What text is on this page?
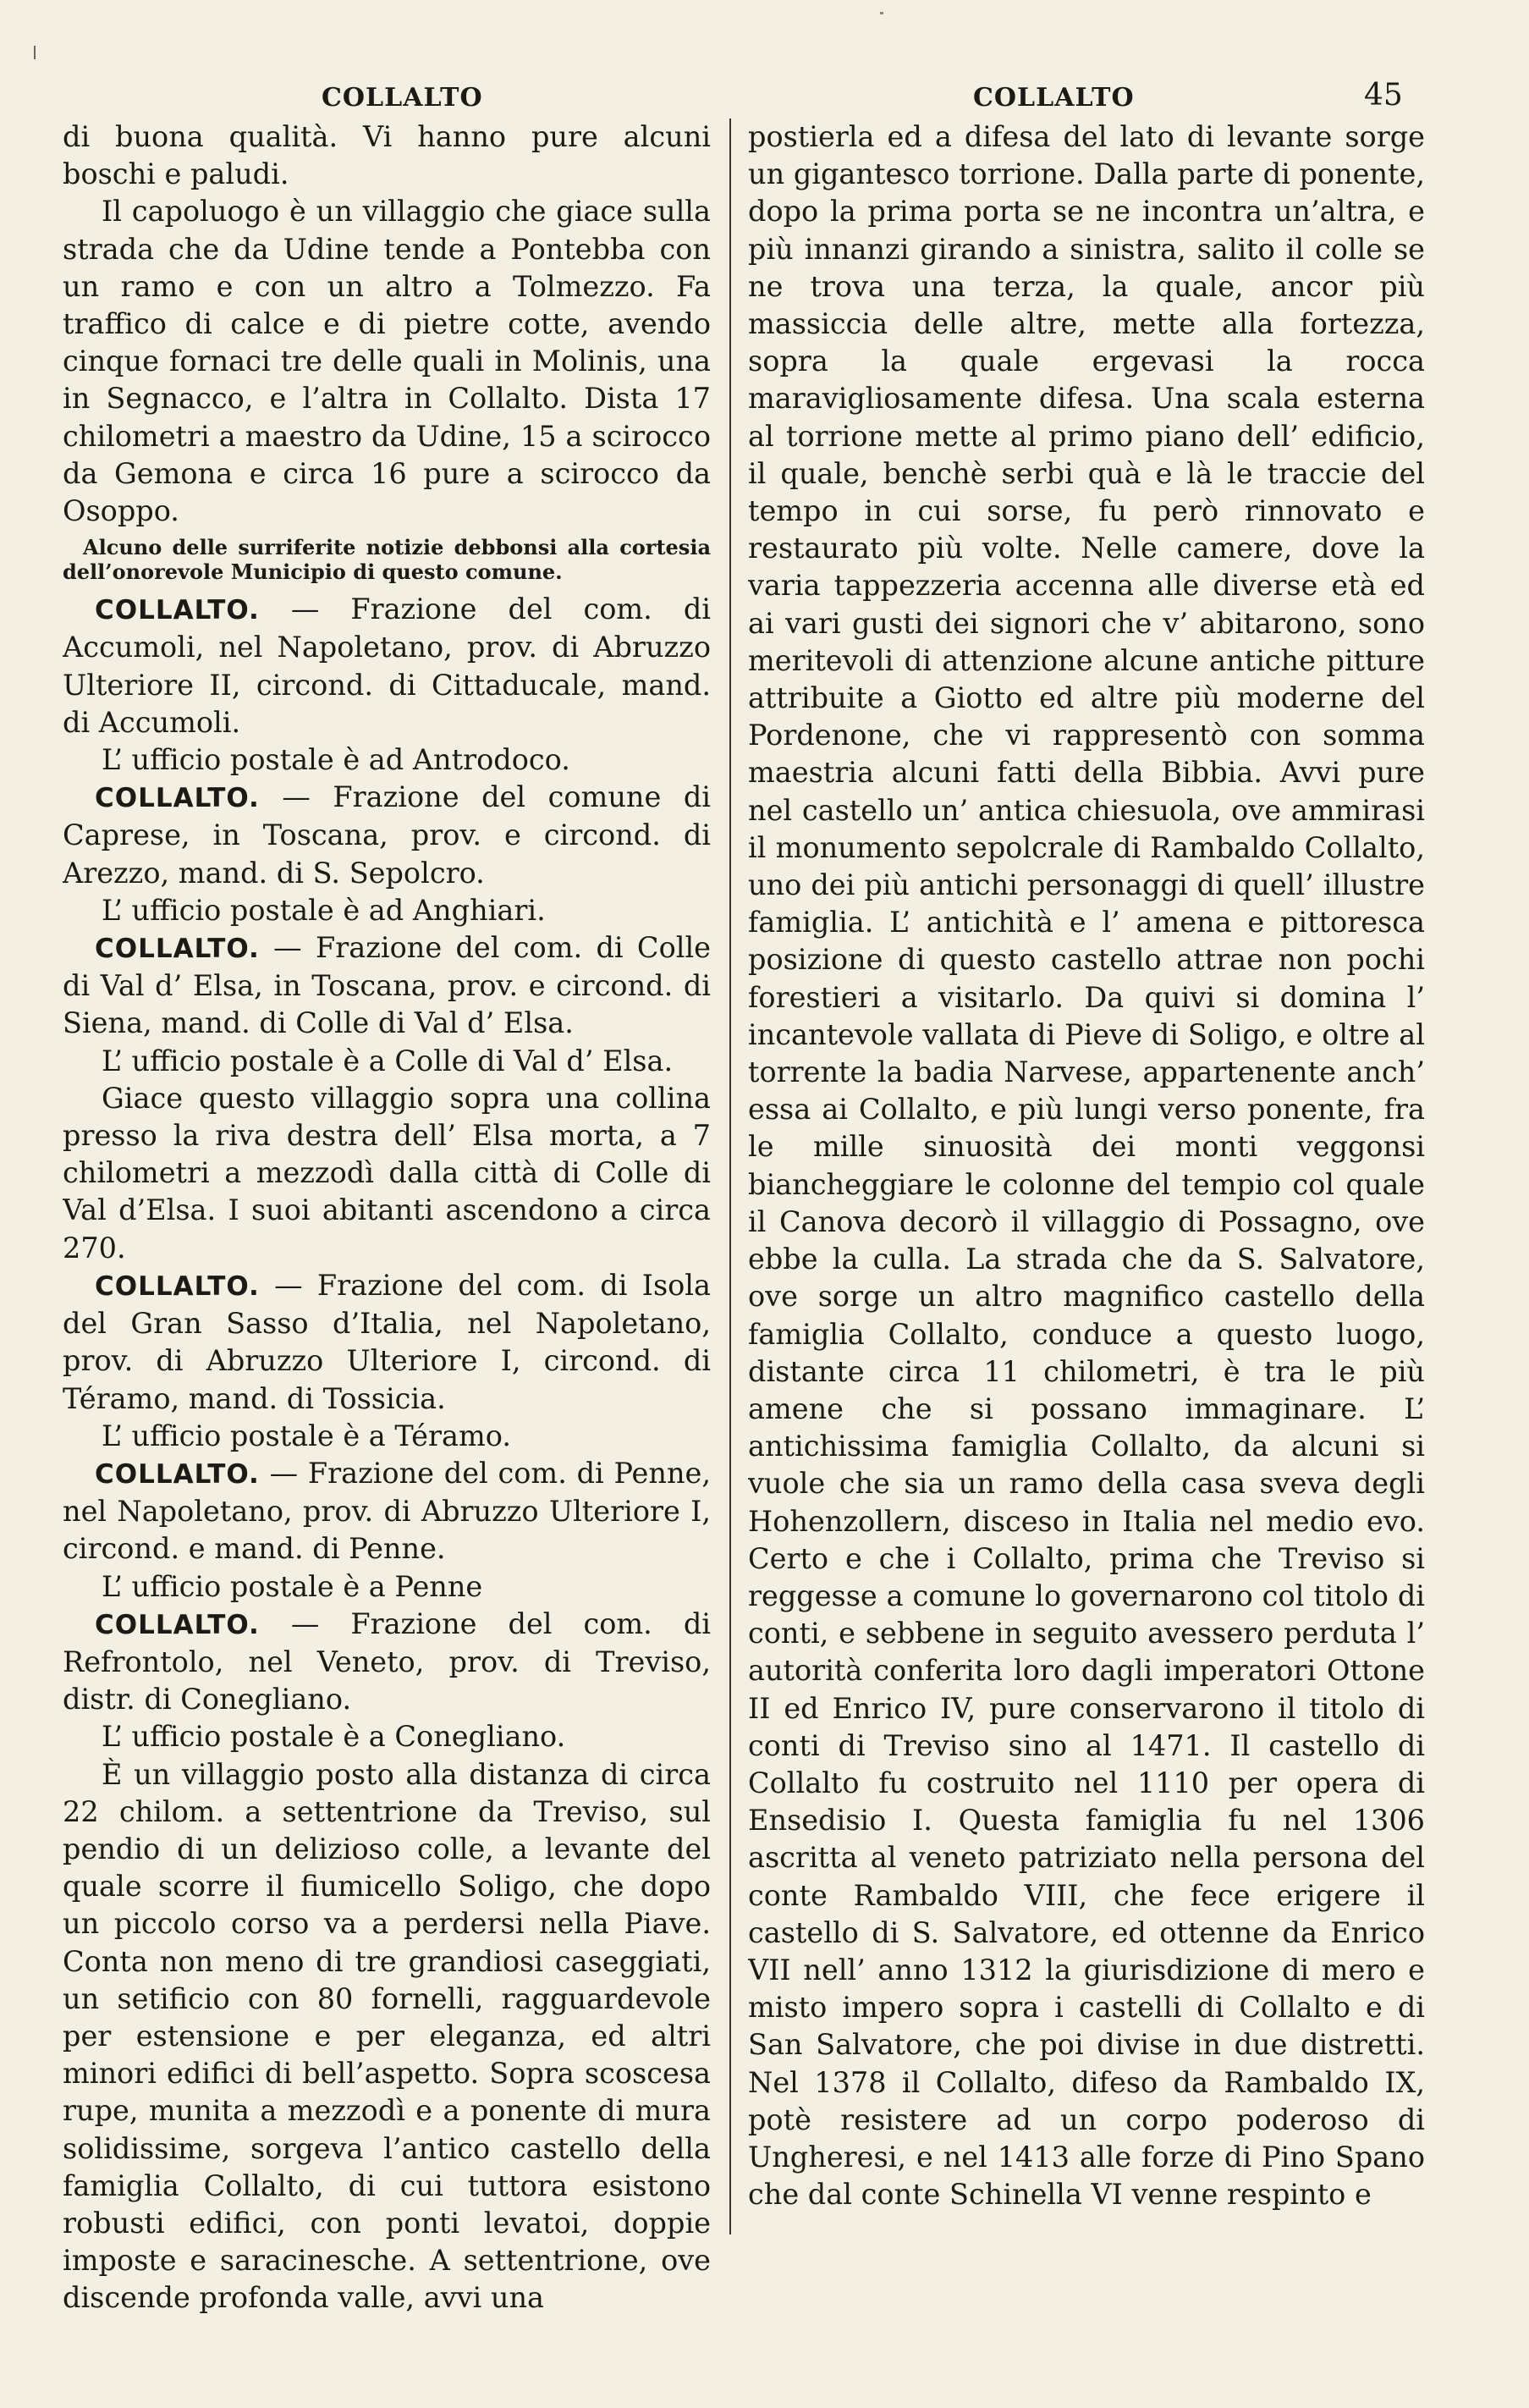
COLLALTO	COLLALTO	45

di buona qualità. Vi hanno pure alcuni boschi e paludi.

Il capoluogo è un villaggio che giace sulla strada che da Udine tende a Pontebba con un ramo e con un altro a Tolmezzo. Fa traffico di calce e di pietre cotte, avendo cinque fornaci tre delle quali in Molinis, una in Segnacco, e l’altra in Collalto. Dista 17 chilometri a maestro da Udine, 15 a scirocco da Gemona e circa 16 pure a scirocco da Osoppo.

Alcuno delle surriferite notizie debbonsi alla cortesia dell’onorevole Municipio di questo comune.

COLLALTO. — Frazione del com. di Accumoli, nel Napoletano, prov. di Abruzzo Ulteriore II, circond. di Cittaducale, mand. di Accumoli.

L’ ufficio postale è ad Antrodoco.

COLLALTO. — Frazione del comune di Caprese, in Toscana, prov. e circond. di Arezzo, mand. di S. Sepolcro.

L’ ufficio postale è ad Anghiari.

COLLALTO. — Frazione del com. di Colle di Val d’ Elsa, in Toscana, prov. e circond. di Siena, mand. di Colle di Val d’ Elsa.

L’ ufficio postale è a Colle di Val d’ Elsa.

Giace questo villaggio sopra una collina presso la riva destra dell’ Elsa morta, a 7 chilometri a mezzodì dalla città di Colle di Val d’Elsa. I suoi abitanti ascendono a circa 270.

COLLALTO. — Frazione del com. di Isola del Gran Sasso d’Italia, nel Napoletano, prov. di Abruzzo Ulteriore I, circond. di Téramo, mand. di Tossicia.

L’ ufficio postale è a Téramo.

COLLALTO. — Frazione del com. di Penne, nel Napoletano, prov. di Abruzzo Ulteriore I, circond. e mand. di Penne.

L’ ufficio postale è a Penne

COLLALTO. — Frazione del com. di Refrontolo, nel Veneto, prov. di Treviso, distr. di Conegliano.

L’ ufficio postale è a Conegliano.

È un villaggio posto alla distanza di circa 22 chilom. a settentrione da Treviso, sul pendio di un delizioso colle, a levante del quale scorre il fiumicello Soligo, che dopo un piccolo corso va a perdersi nella Piave. Conta non meno di tre grandiosi caseggiati, un setificio con 80 fornelli, ragguardevole per estensione e per eleganza, ed altri minori edifici di bell’aspetto. Sopra scoscesa rupe, munita a mezzodì e a ponente di mura solidissime, sorgeva l’antico castello della famiglia Collalto, di cui tuttora esistono robusti edifici, con ponti levatoi, doppie imposte e saracinesche. A settentrione, ove discende profonda valle, avvi una

postierla ed a difesa del lato di levante sorge un gigantesco torrione. Dalla parte di ponente, dopo la prima porta se ne incontra un’altra, e più innanzi girando a sinistra, salito il colle se ne trova una terza, la quale, ancor più massiccia delle altre, mette alla fortezza, sopra la quale ergevasi la rocca maravigliosamente difesa. Una scala esterna al torrione mette al primo piano dell’ edificio, il quale, benchè serbi quà e là le traccie del tempo in cui sorse, fu però rinnovato e restaurato più volte. Nelle camere, dove la varia tappezzeria accenna alle diverse età ed ai vari gusti dei signori che v’ abitarono, sono meritevoli di attenzione alcune antiche pitture attribuite a Giotto ed altre più moderne del Pordenone, che vi rappresentò con somma maestria alcuni fatti della Bibbia. Avvi pure nel castello un’ antica chiesuola, ove ammirasi il monumento sepolcrale di Rambaldo Collalto, uno dei più antichi personaggi di quell’ illustre famiglia. L’ antichità e l’ amena e pittoresca posizione di questo castello attrae non pochi forestieri a visitarlo. Da quivi si domina l’ incantevole vallata di Pieve di Soligo, e oltre al torrente la badia Narvese, appartenente anch’ essa ai Collalto, e più lungi verso ponente, fra le mille sinuosità dei monti veggonsi biancheggiare le colonne del tempio col quale il Canova decorò il villaggio di Possagno, ove ebbe la culla. La strada che da S. Salvatore, ove sorge un altro magnifico castello della famiglia Collalto, conduce a questo luogo, distante circa 11 chilometri, è tra le più amene che si possano immaginare. L’ antichissima famiglia Collalto, da alcuni si vuole che sia un ramo della casa sveva degli Hohenzollern, disceso in Italia nel medio evo. Certo e che i Collalto, prima che Treviso si reggesse a comune lo governarono col titolo di conti, e sebbene in seguito avessero perduta l’ autorità conferita loro dagli imperatori Ottone II ed Enrico IV, pure conservarono il titolo di conti di Treviso sino al 1471. Il castello di Collalto fu costruito nel 1110 per opera di Ensedisio I. Questa famiglia fu nel 1306 ascritta al veneto patriziato nella persona del conte Rambaldo VIII, che fece erigere il castello di S. Salvatore, ed ottenne da Enrico VII nell’ anno 1312 la giurisdizione di mero e misto impero sopra i castelli di Collalto e di San Salvatore, che poi divise in due distretti. Nel 1378 il Collalto, difeso da Rambaldo IX, potè resistere ad un corpo poderoso di Ungheresi, e nel 1413 alle forze di Pino Spano che dal conte Schinella VI venne respinto e
